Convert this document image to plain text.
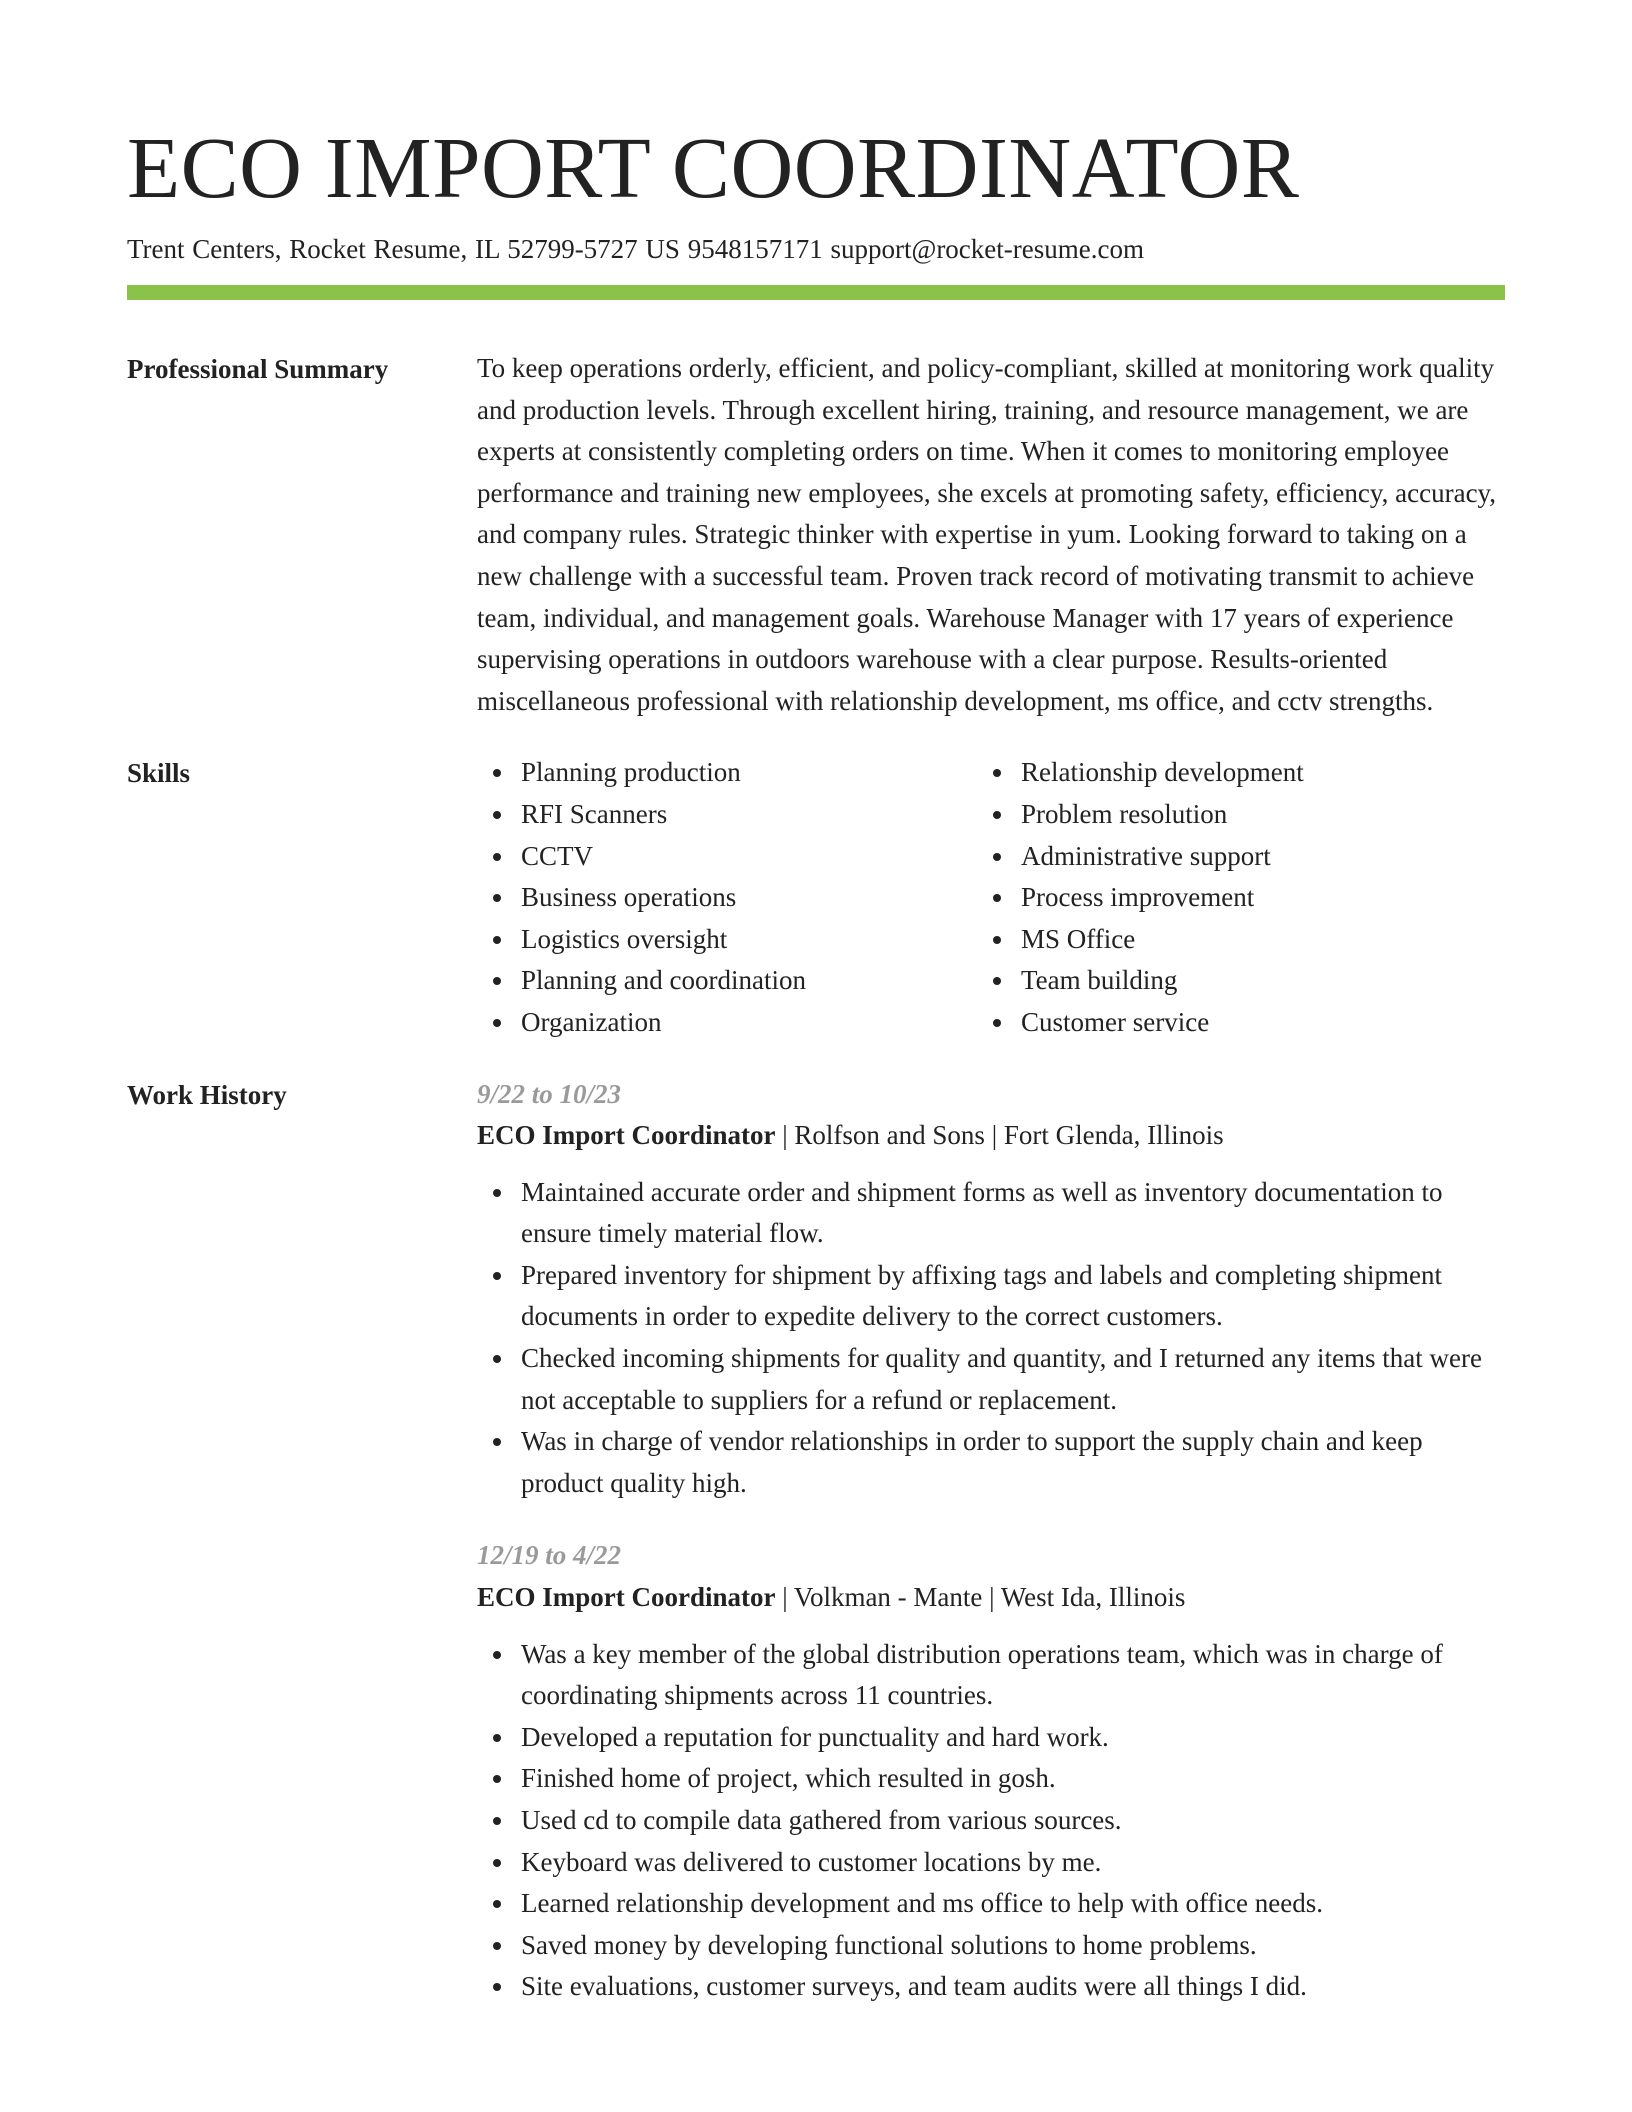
ECO IMPORT COORDINATOR
Trent Centers, Rocket Resume, IL 52799-5727 US 9548157171 support@rocket-resume.com
Professional Summary	To keep operations orderly, efficient, and policy-compliant, skilled at monitoring work quality and production levels. Through excellent hiring, training, and resource management, we are experts at consistently completing orders on time. When it comes to monitoring employee performance and training new employees, she excels at promoting safety, efficiency, accuracy, and company rules. Strategic thinker with expertise in yum. Looking forward to taking on a new challenge with a successful team. Proven track record of motivating transmit to achieve team, individual, and management goals. Warehouse Manager with 17 years of experience supervising operations in outdoors warehouse with a clear purpose. Results-oriented miscellaneous professional with relationship development, ms office, and cctv strengths.

Skills	Planning production
RFI Scanners
CCTV
Business operations
Logistics oversight
Planning and coordination
Organization
Relationship development
Problem resolution
Administrative support
Process improvement
MS Office
Team building
Customer service
Work History	9/22 to 10/23
ECO Import Coordinator | Rolfson and Sons | Fort Glenda, Illinois
Maintained accurate order and shipment forms as well as inventory documentation to ensure timely material flow.
Prepared inventory for shipment by affixing tags and labels and completing shipment documents in order to expedite delivery to the correct customers.
Checked incoming shipments for quality and quantity, and I returned any items that were not acceptable to suppliers for a refund or replacement.
Was in charge of vendor relationships in order to support the supply chain and keep product quality high.
12/19 to 4/22
ECO Import Coordinator | Volkman - Mante | West Ida, Illinois
Was a key member of the global distribution operations team, which was in charge of coordinating shipments across 11 countries.
Developed a reputation for punctuality and hard work.
Finished home of project, which resulted in gosh.
Used cd to compile data gathered from various sources.
Keyboard was delivered to customer locations by me.
Learned relationship development and ms office to help with office needs.
Saved money by developing functional solutions to home problems.
Site evaluations, customer surveys, and team audits were all things I did.
